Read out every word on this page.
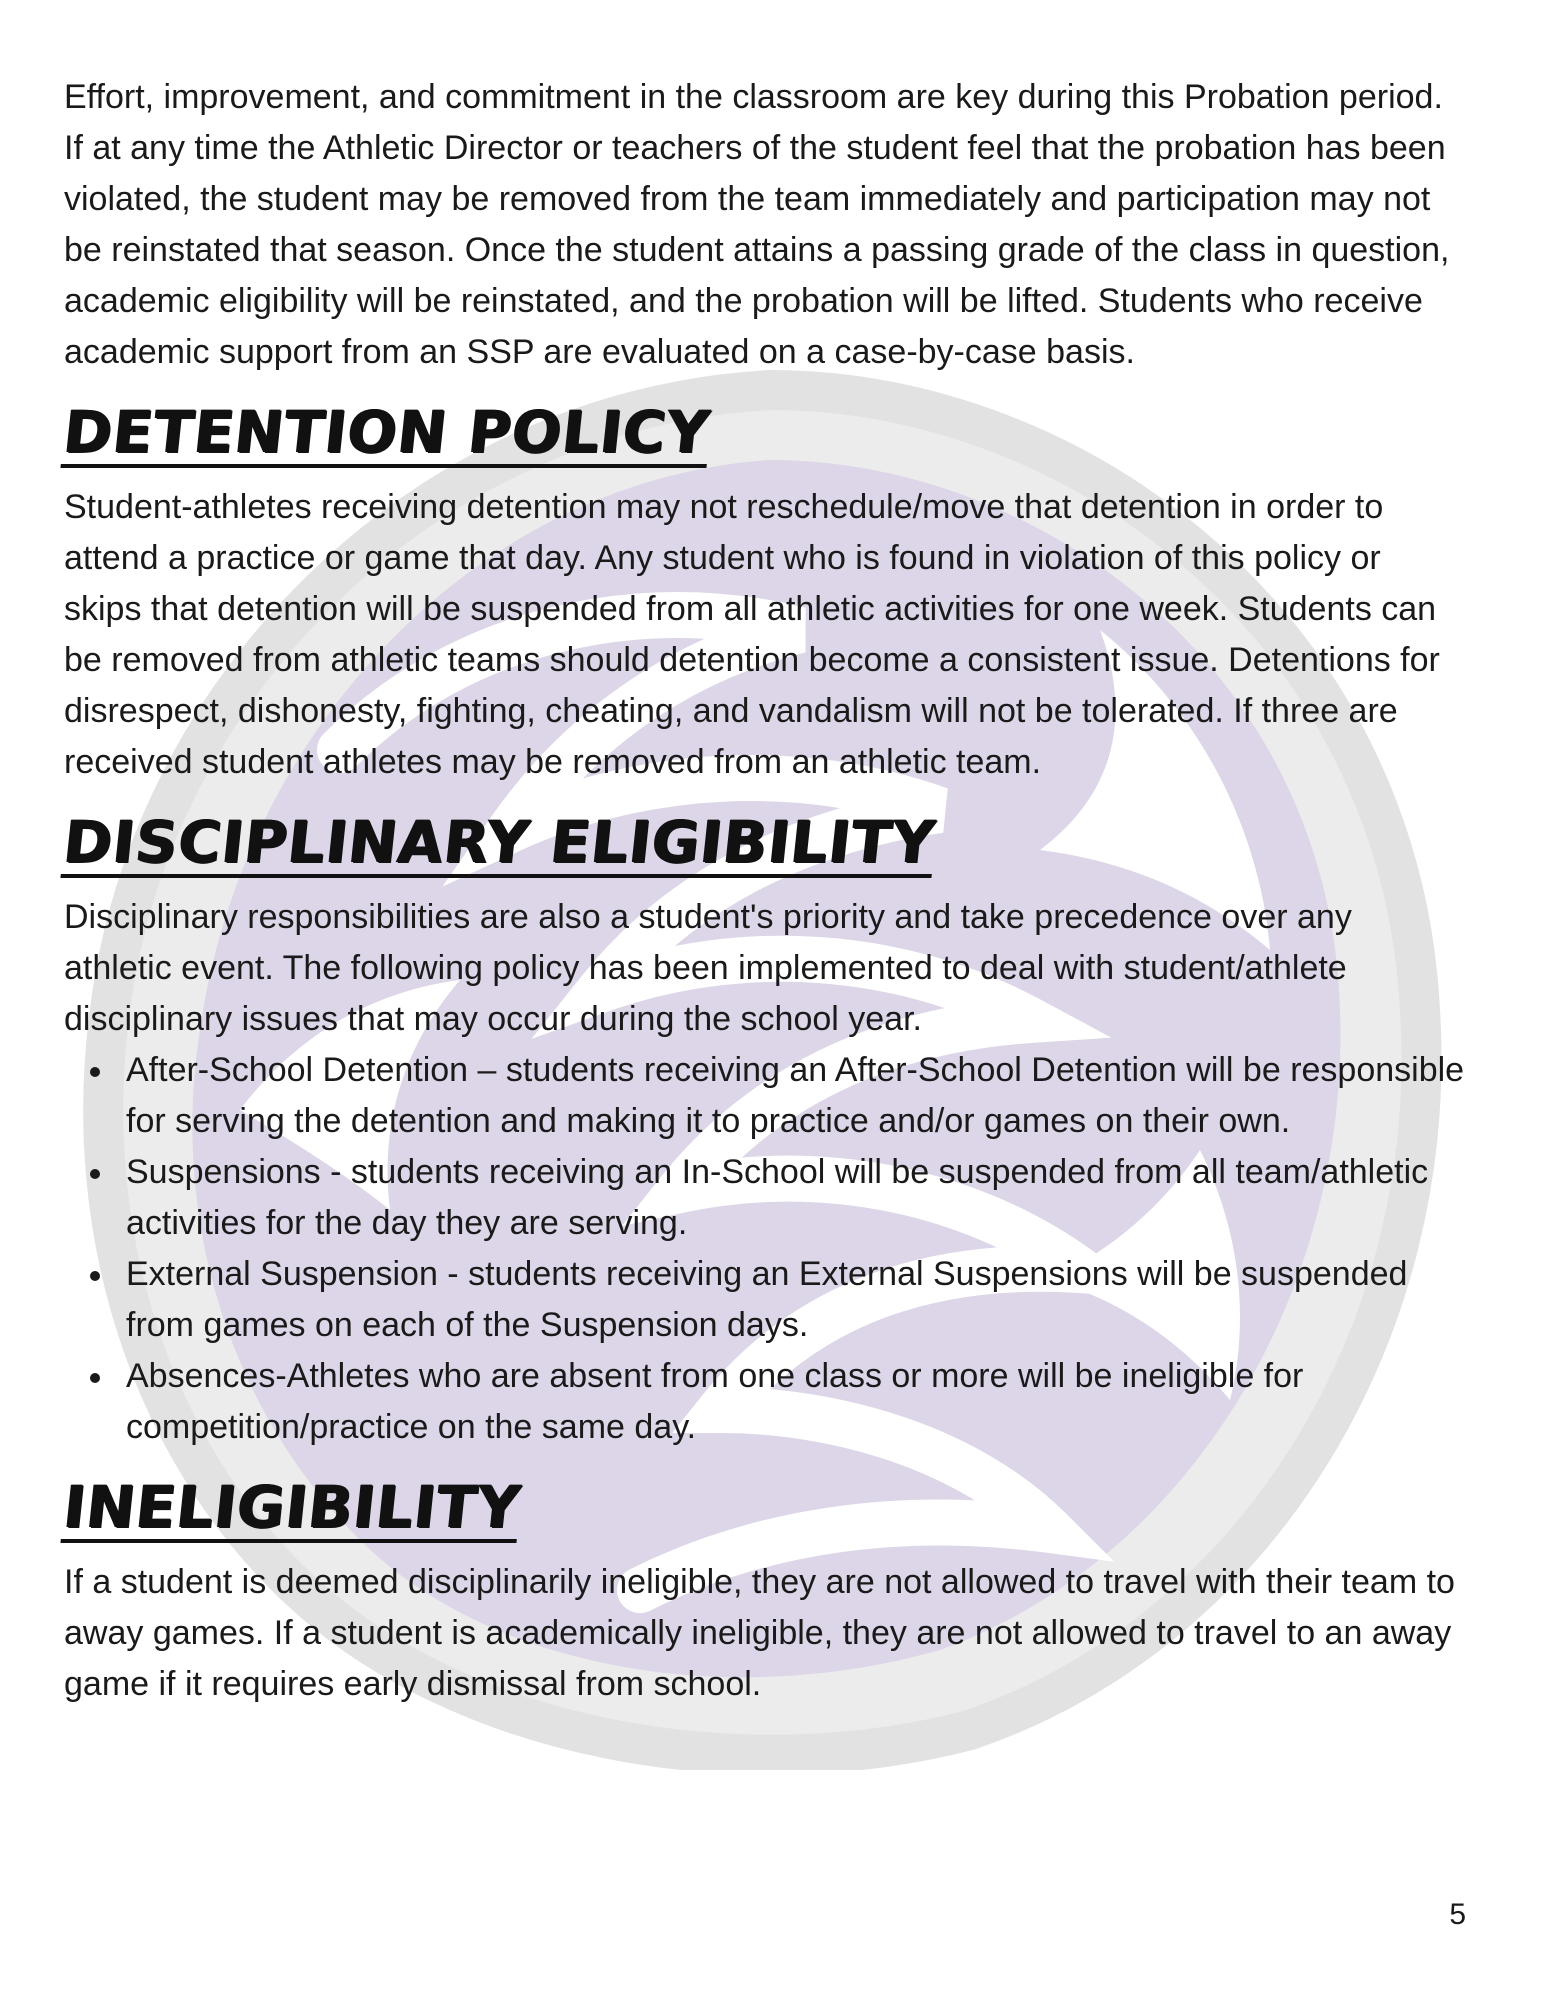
Effort, improvement, and commitment in the classroom are key during this Probation period. If at any time the Athletic Director or teachers of the student feel that the probation has been violated, the student may be removed from the team immediately and participation may not be reinstated that season. Once the student attains a passing grade of the class in question, academic eligibility will be reinstated, and the probation will be lifted. Students who receive academic support from an SSP are evaluated on a case-by-case basis.

DETENTION POLICY

Student-athletes receiving detention may not reschedule/move that detention in order to attend a practice or game that day. Any student who is found in violation of this policy or skips that detention will be suspended from all athletic activities for one week. Students can be removed from athletic teams should detention become a consistent issue. Detentions for disrespect, dishonesty, fighting, cheating, and vandalism will not be tolerated. If three are received student athletes may be removed from an athletic team.

DISCIPLINARY ELIGIBILITY

Disciplinary responsibilities are also a student's priority and take precedence over any athletic event. The following policy has been implemented to deal with student/athlete disciplinary issues that may occur during the school year.

After-School Detention – students receiving an After-School Detention will be responsible for serving the detention and making it to practice and/or games on their own.
Suspensions - students receiving an In-School will be suspended from all team/athletic activities for the day they are serving.
External Suspension - students receiving an External Suspensions will be suspended from games on each of the Suspension days.
Absences-Athletes who are absent from one class or more will be ineligible for competition/practice on the same day.
INELIGIBILITY

If a student is deemed disciplinarily ineligible, they are not allowed to travel with their team to away games. If a student is academically ineligible, they are not allowed to travel to an away game if it requires early dismissal from school.

5
